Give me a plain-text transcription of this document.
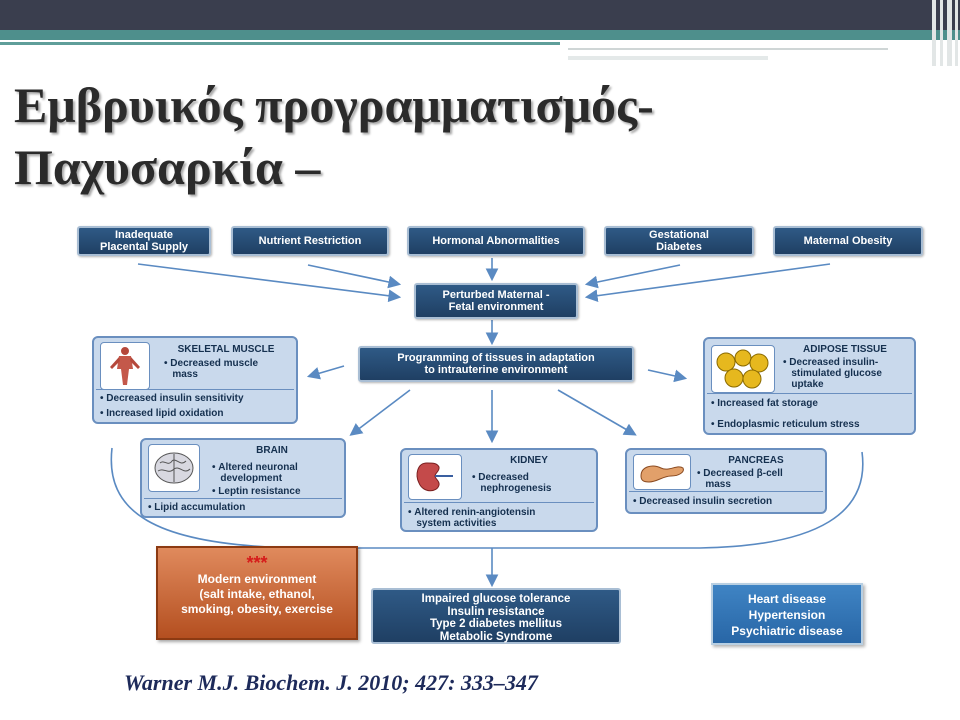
Εμβρυικός προγραμματισμός-
Παχυσαρκία –
Inadequate
Placental Supply	Nutrient Restriction	Hormonal Abnormalities	Gestational
Diabetes	Maternal Obesity
Perturbed Maternal -
Fetal environment
Programming of tissues in adaptation
to intrauterine environment
SKELETAL MUSCLE
• Decreased muscle
mass
• Decreased insulin sensitivity
• Increased lipid oxidation
ADIPOSE TISSUE
• Decreased insulin-
stimulated glucose
uptake
• Increased fat storage
• Endoplasmic reticulum stress
BRAIN
• Altered neuronal
development
• Leptin resistance
• Lipid accumulation
KIDNEY
• Decreased
nephrogenesis
• Altered renin-angiotensin
system activities
PANCREAS
• Decreased β-cell
mass
• Decreased insulin secretion
***
Modern environment
(salt intake, ethanol,
smoking, obesity, exercise
Impaired glucose tolerance
Insulin resistance
Type 2 diabetes mellitus
Metabolic Syndrome
Heart disease
Hypertension
Psychiatric disease

Warner M.J. Biochem. J. 2010; 427: 333–347
